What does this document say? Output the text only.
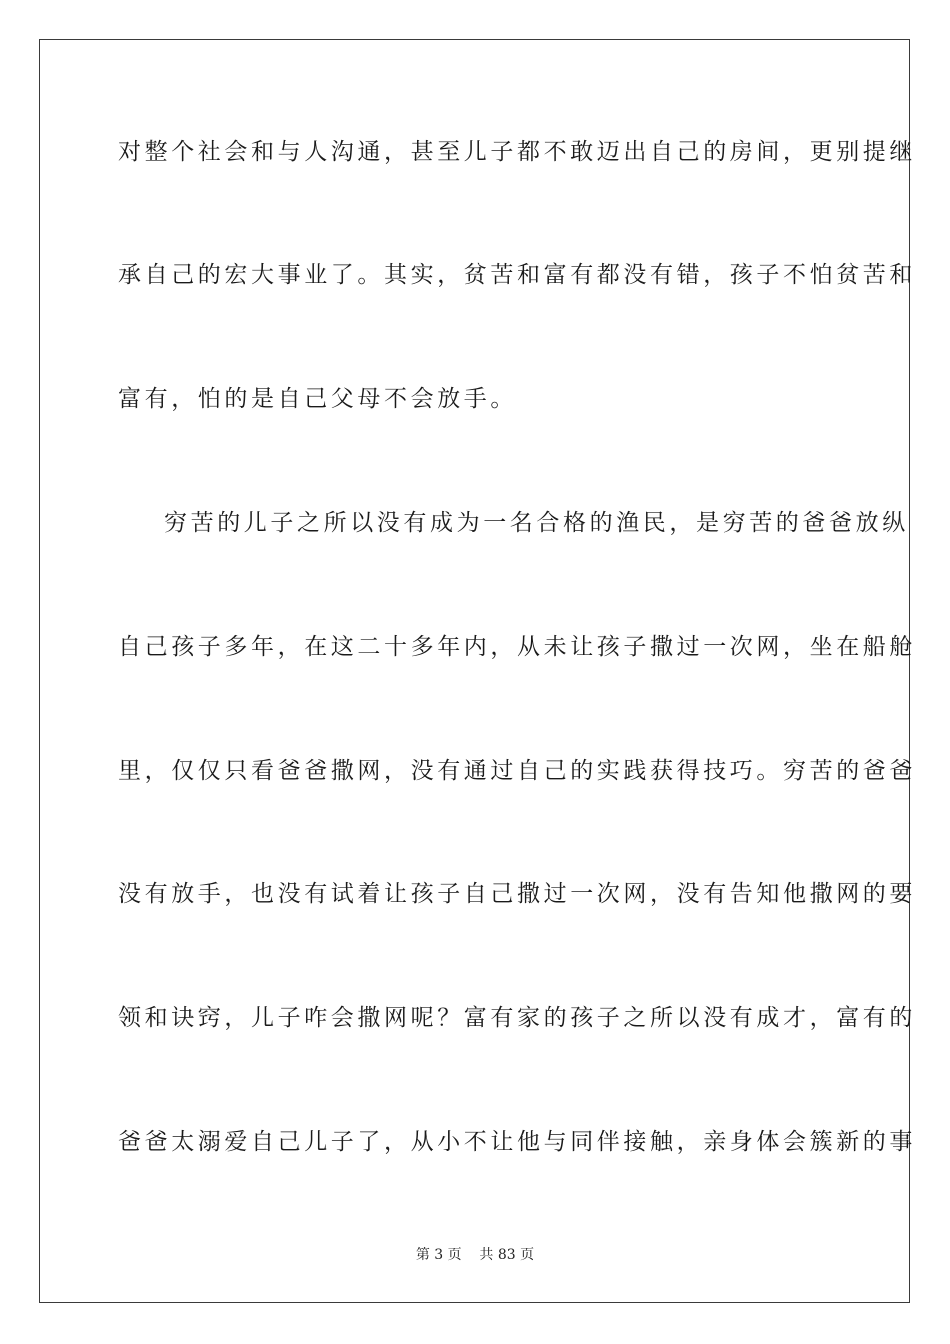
对整个社会和与人沟通，甚至儿子都不敢迈出自己的房间，更别提继
承自己的宏大事业了。其实，贫苦和富有都没有错，孩子不怕贫苦和
富有，怕的是自己父母不会放手。
穷苦的儿子之所以没有成为一名合格的渔民，是穷苦的爸爸放纵
自己孩子多年，在这二十多年内，从未让孩子撒过一次网，坐在船舱
里，仅仅只看爸爸撒网，没有通过自己的实践获得技巧。穷苦的爸爸
没有放手，也没有试着让孩子自己撒过一次网，没有告知他撒网的要
领和诀窍，儿子咋会撒网呢？富有家的孩子之所以没有成才，富有的
爸爸太溺爱自己儿子了，从小不让他与同伴接触，亲身体会簇新的事
第 3 页    共 83 页
